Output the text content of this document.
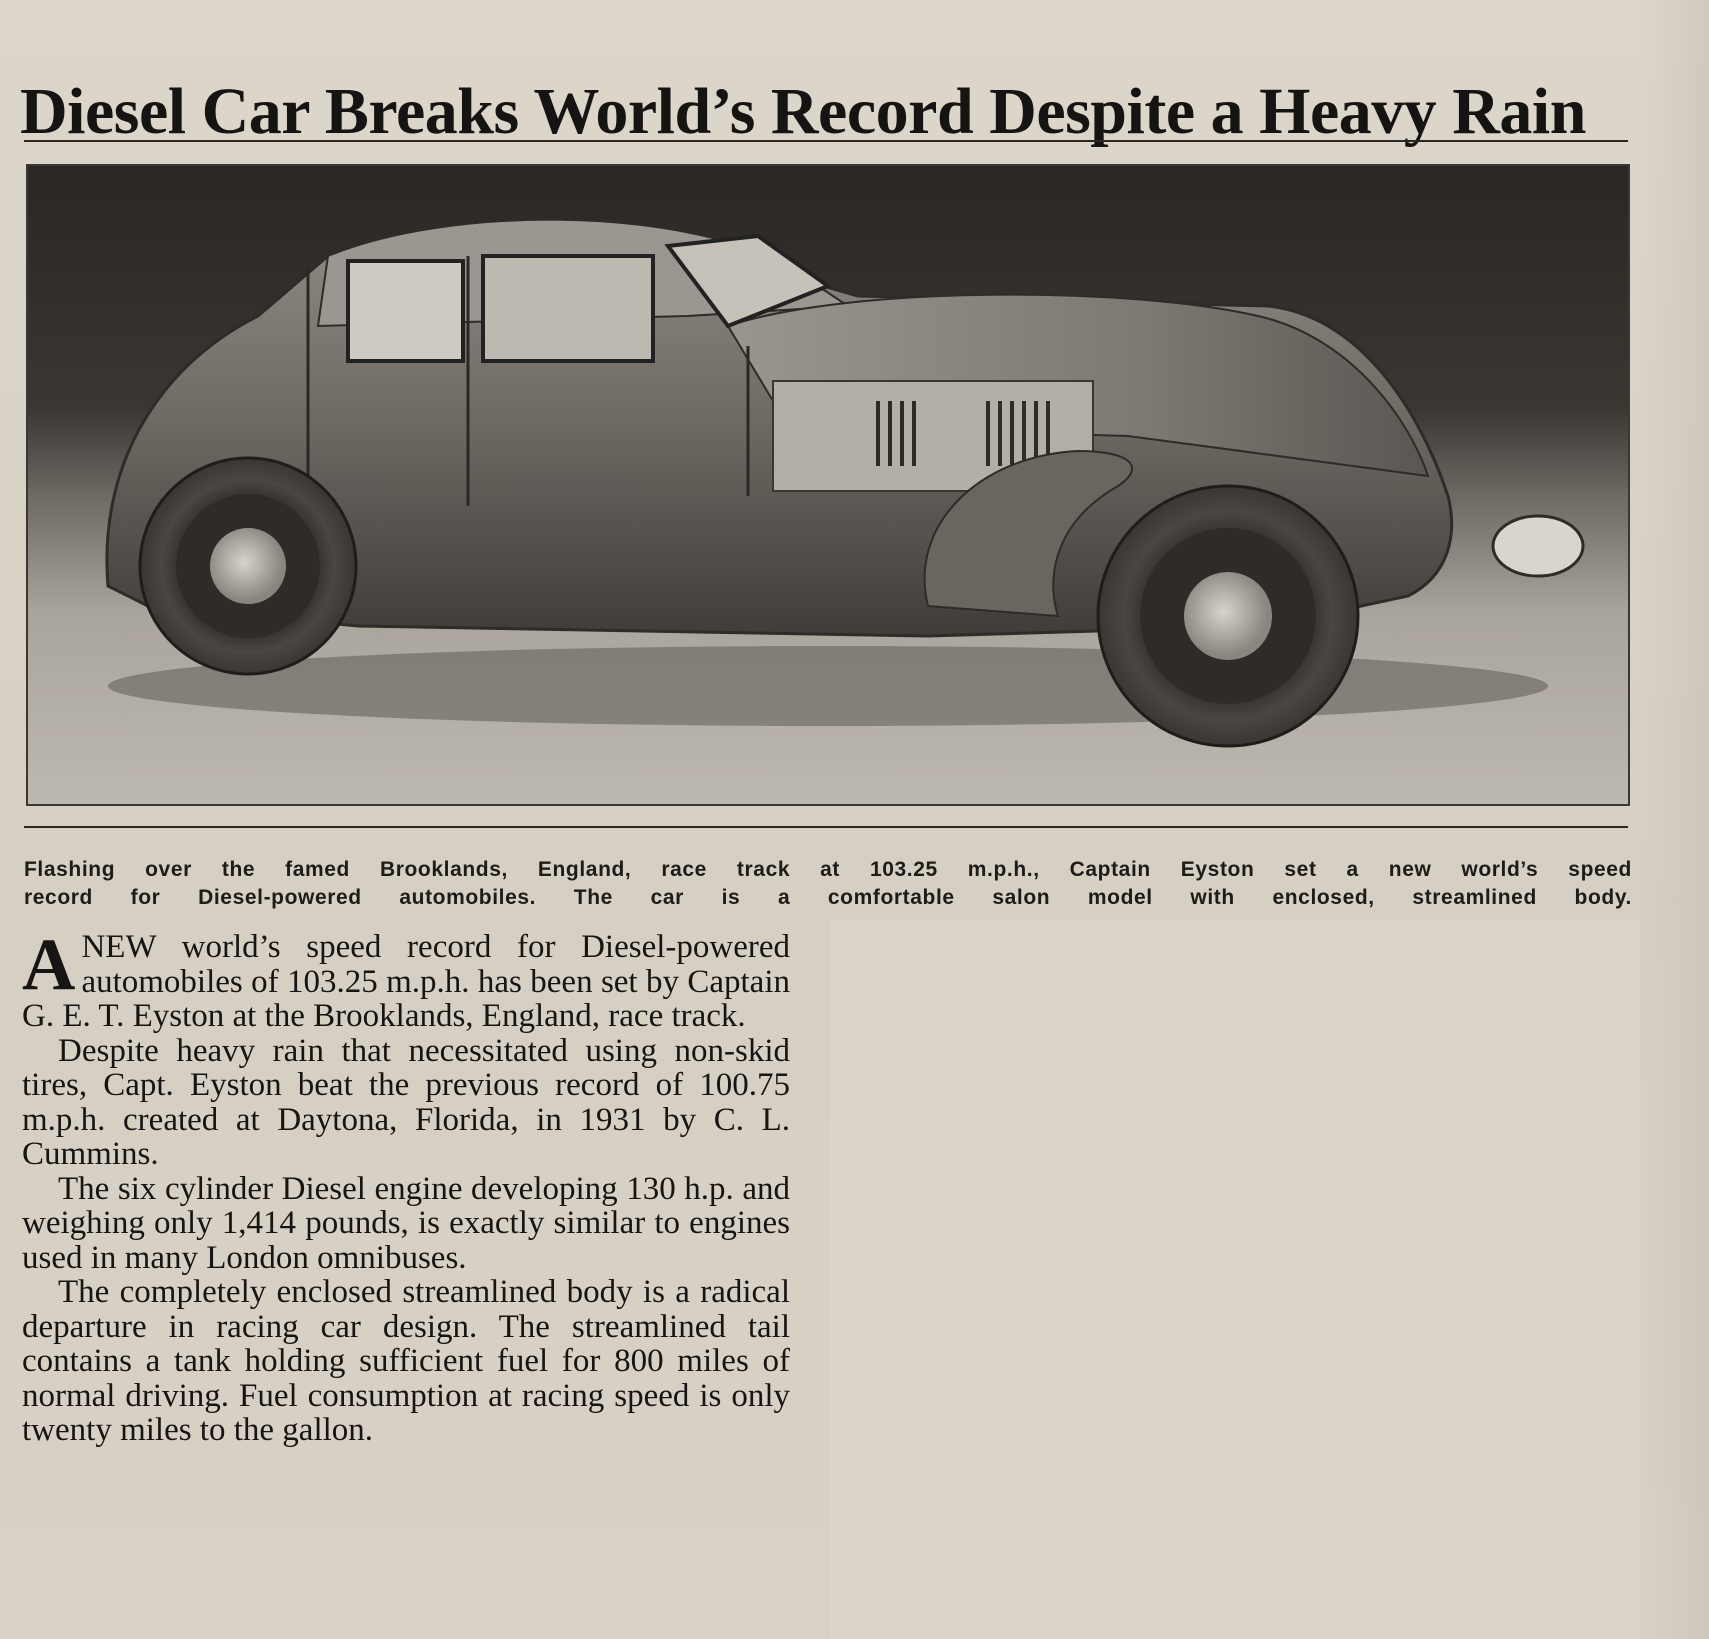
Diesel Car Breaks World’s Record Despite a Heavy Rain
Flashing over the famed Brooklands, England, race track at 103.25 m.p.h., Captain Eyston set a new world’s speed
record for Diesel-powered automobiles. The car is a comfortable salon model with enclosed, streamlined body.

ANEW world’s speed record for Diesel-powered automobiles of 103.25 m.p.h. has been set by Captain G. E. T. Eyston at the Brooklands, England, race track.

Despite heavy rain that necessitated using non-skid tires, Capt. Eyston beat the previous record of 100.75 m.p.h. created at Daytona, Florida, in 1931 by C. L. Cummins.

The six cylinder Diesel engine developing 130 h.p. and weighing only 1,414 pounds, is exactly similar to engines used in many London omnibuses.

The completely enclosed streamlined body is a radical departure in racing car design. The streamlined tail contains a tank holding sufficient fuel for 800 miles of normal driving. Fuel consumption at racing speed is only twenty miles to the gallon.
